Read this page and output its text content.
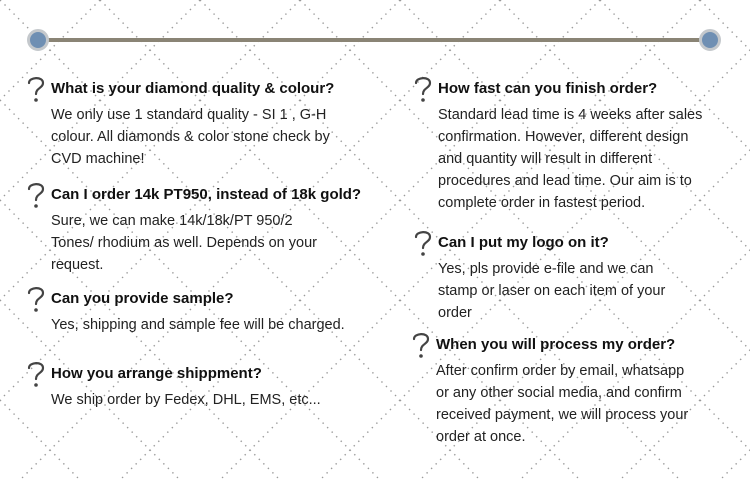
What is your diamond quality & colour?
We only use 1 standard quality - SI 1 , G-H
colour. All diamonds & color stone check by
CVD machine!
Can I order 14k PT950, instead of 18k gold?
Sure, we can make 14k/18k/PT 950/2
Tones/ rhodium as well. Depends on your
request.
Can you provide sample?
Yes, shipping and sample fee will be charged.
How you arrange shippment?
We ship order by Fedex, DHL, EMS, etc...
How fast can you finish order?
Standard lead time is 4 weeks after sales
confirmation. However, different design
and quantity will result in different
procedures and lead time. Our aim is to
complete order in fastest period.
Can I put my logo on it?
Yes, pls provide e-file and we can
stamp or laser on each item of your
order
When you will process my order?
After confirm order by email, whatsapp
or any other social media, and confirm
received payment, we will process your
order at once.
